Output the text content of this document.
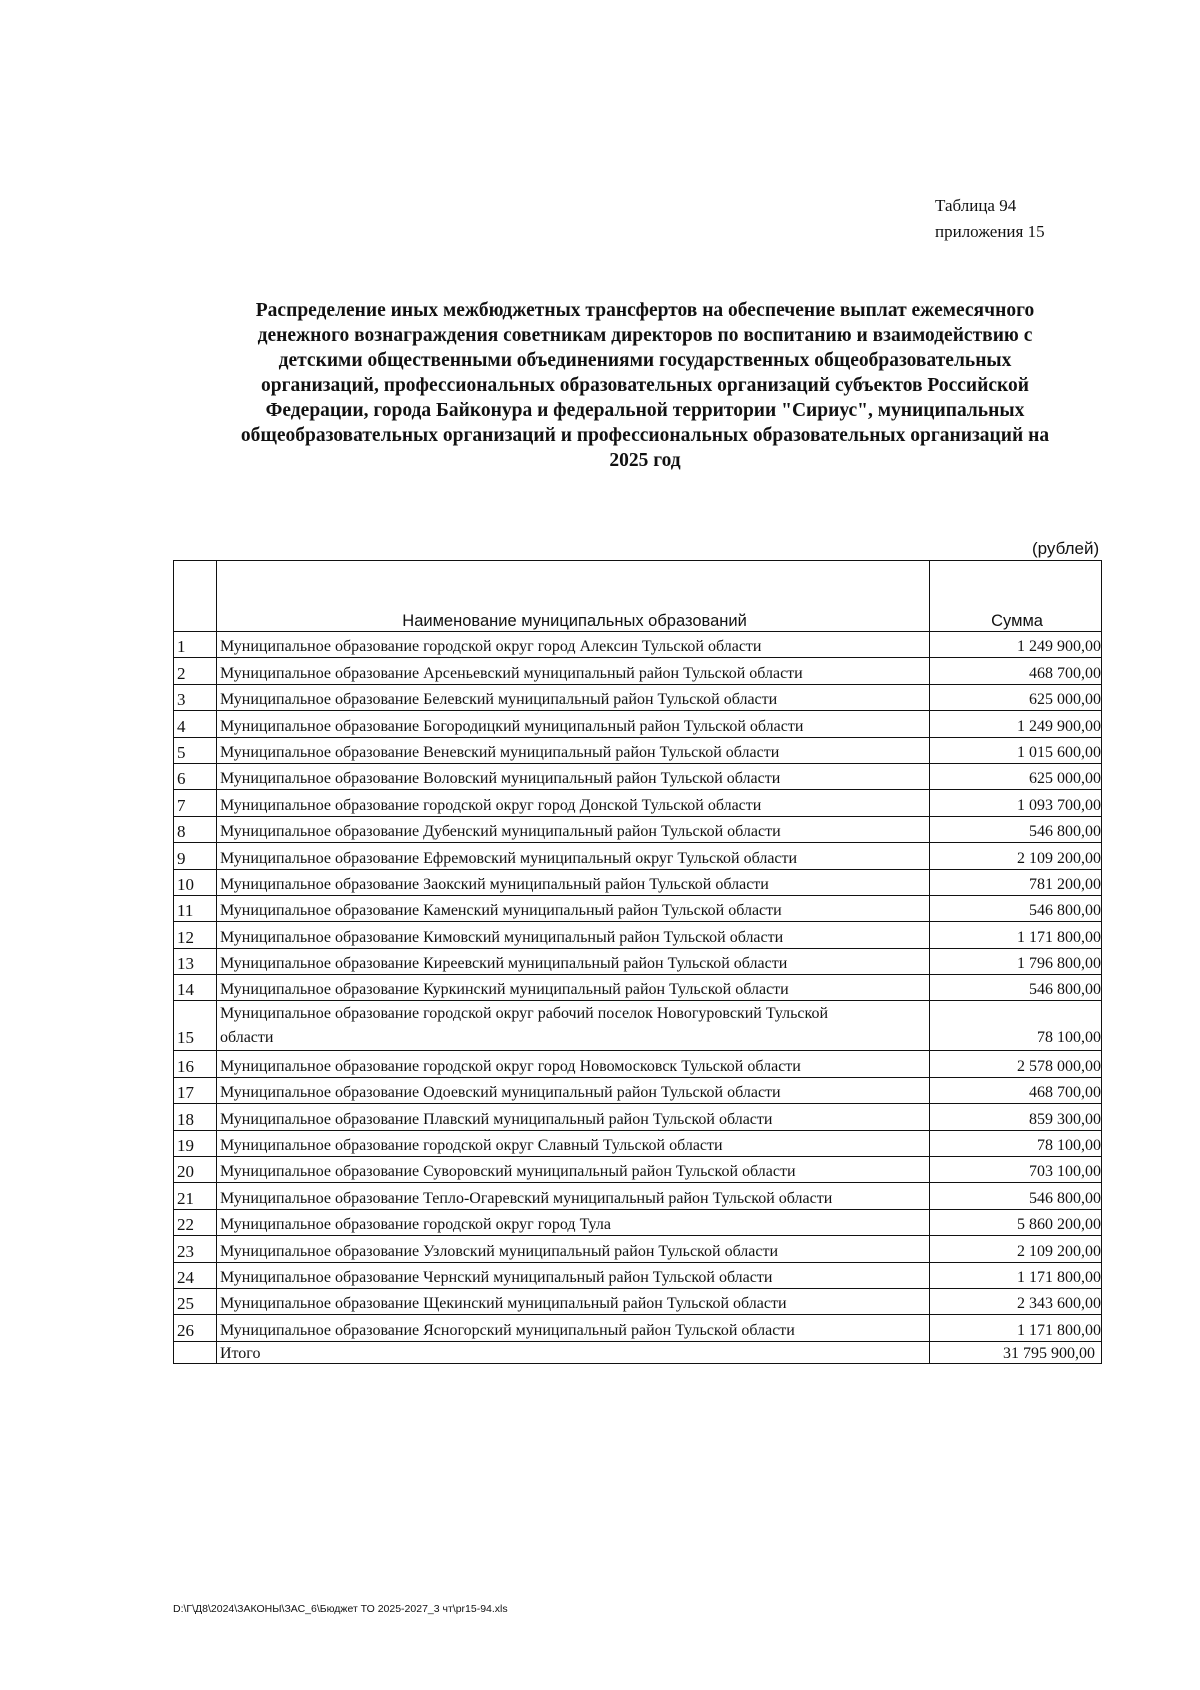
Таблица 94
приложения 15
Распределение иных межбюджетных трансфертов на обеспечение выплат ежемесячного
денежного вознаграждения советникам директоров по воспитанию и взаимодействию с
детскими общественными объединениями государственных общеобразовательных
организаций, профессиональных образовательных организаций субъектов Российской
Федерации, города Байконура и федеральной территории "Сириус", муниципальных
общеобразовательных организаций и профессиональных образовательных организаций на
2025 год
(рублей)
	Наименование муниципальных образований	Сумма
1	Муниципальное образование городской округ город Алексин Тульской области	1 249 900,00
2	Муниципальное образование Арсеньевский муниципальный район Тульской области	468 700,00
3	Муниципальное образование Белевский муниципальный район Тульской области	625 000,00
4	Муниципальное образование Богородицкий муниципальный район Тульской области	1 249 900,00
5	Муниципальное образование Веневский муниципальный район Тульской области	1 015 600,00
6	Муниципальное образование Воловский муниципальный район Тульской области	625 000,00
7	Муниципальное образование городской округ город Донской Тульской области	1 093 700,00
8	Муниципальное образование Дубенский муниципальный район Тульской области	546 800,00
9	Муниципальное образование Ефремовский муниципальный округ Тульской области	2 109 200,00
10	Муниципальное образование Заокский муниципальный район Тульской области	781 200,00
11	Муниципальное образование Каменский муниципальный район Тульской области	546 800,00
12	Муниципальное образование Кимовский муниципальный район Тульской области	1 171 800,00
13	Муниципальное образование Киреевский муниципальный район Тульской области	1 796 800,00
14	Муниципальное образование Куркинский муниципальный район Тульской области	546 800,00
15	Муниципальное образование городской округ рабочий поселок Новогуровский Тульской
области	78 100,00
16	Муниципальное образование городской округ город Новомосковск Тульской области	2 578 000,00
17	Муниципальное образование Одоевский муниципальный район Тульской области	468 700,00
18	Муниципальное образование Плавский муниципальный район Тульской области	859 300,00
19	Муниципальное образование городской округ Славный Тульской области	78 100,00
20	Муниципальное образование Суворовский муниципальный район Тульской области	703 100,00
21	Муниципальное образование Тепло-Огаревский муниципальный район Тульской области	546 800,00
22	Муниципальное образование городской округ город Тула	5 860 200,00
23	Муниципальное образование Узловский муниципальный район Тульской области	2 109 200,00
24	Муниципальное образование Чернский муниципальный район Тульской области	1 171 800,00
25	Муниципальное образование Щекинский муниципальный район Тульской области	2 343 600,00
26	Муниципальное образование Ясногорский муниципальный район Тульской области	1 171 800,00
	Итого	31 795 900,00
D:\Г\Д8\2024\ЗАКОНЫ\ЗАС_6\Бюджет ТО 2025-2027_3 чт\pr15-94.xls
